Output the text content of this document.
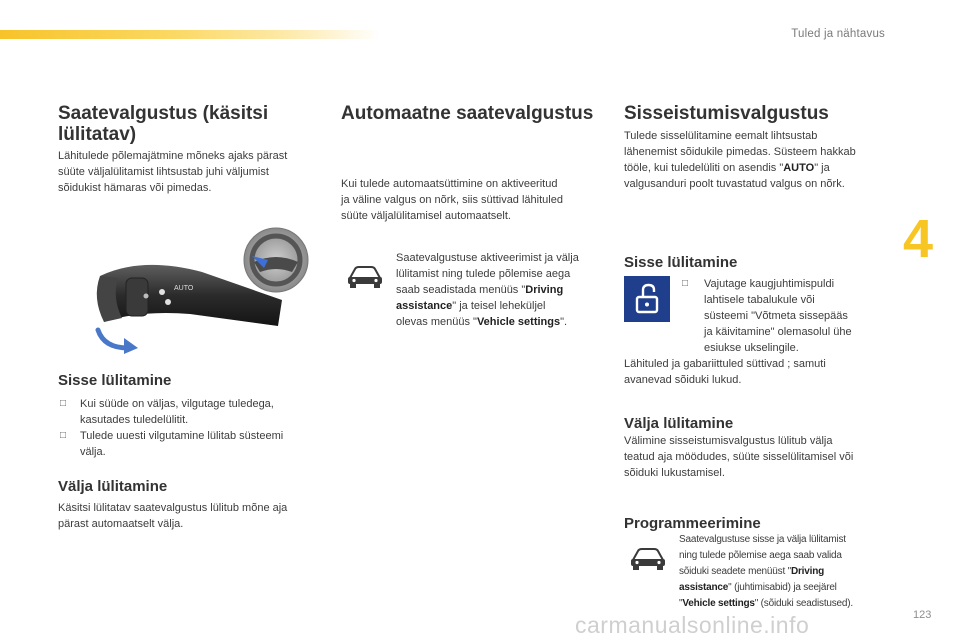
Tuled ja nähtavus
4
Saatevalgustus (käsitsi
lülitatav)
Lähitulede põlemajätmine mõneks ajaks pärast
süüte väljalülitamist lihtsustab juhi väljumist
sõidukist hämaras või pimedas.
AUTO
Sisse lülitamine
□ Kui süüde on väljas, vilgutage tuledega,
kasutades tuledelülitit.
□ Tulede uuesti vilgutamine lülitab süsteemi
välja.
Välja lülitamine
Käsitsi lülitatav saatevalgustus lülitub mõne aja
pärast automaatselt välja.
Automaatne saatevalgustus
Kui tulede automaatsüttimine on aktiveeritud
ja väline valgus on nõrk, siis süttivad lähituled
süüte väljalülitamisel automaatselt.
Saatevalgustuse aktiveerimist ja välja
lülitamist ning tulede põlemise aega
saab seadistada menüüs "Driving
assistance" ja teisel leheküljel
olevas menüüs "Vehicle settings".
Sisseistumisvalgustus
Tulede sisselülitamine eemalt lihtsustab
lähenemist sõidukile pimedas. Süsteem hakkab
tööle, kui tuledelüliti on asendis "AUTO" ja
valgusanduri poolt tuvastatud valgus on nõrk.
Sisse lülitamine
□ Vajutage kaugjuhtimispuldi
lahtisele tabalukule või
süsteemi "Võtmeta sissepääs
ja käivitamine" olemasolul ühe
esiukse ukselingile.
Lähituled ja gabariittuled süttivad ; samuti
avanevad sõiduki lukud.
Välja lülitamine
Välimine sisseistumisvalgustus lülitub välja
teatud aja möödudes, süüte sisselülitamisel või
sõiduki lukustamisel.
Programmeerimine
Saatevalgustuse sisse ja välja lülitamist
ning tulede põlemise aega saab valida
sõiduki seadete menüüst "Driving
assistance" (juhtimisabid) ja seejärel
"Vehicle settings" (sõiduki seadistused).
carmanualsonline.info	123
